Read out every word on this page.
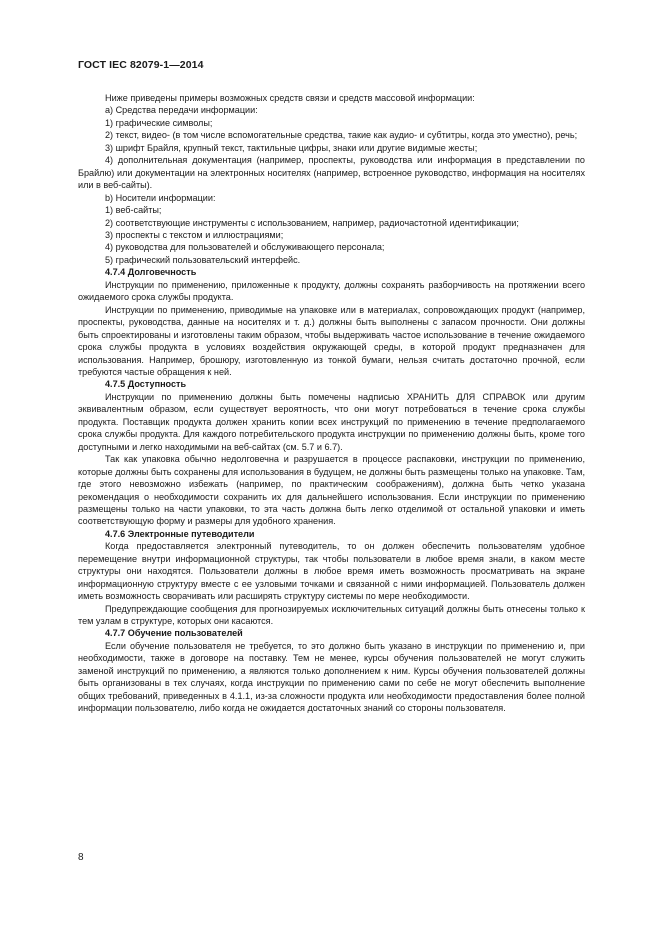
ГОСТ IEC 82079-1—2014

Ниже приведены примеры возможных средств связи и средств массовой информации:

a) Средства передачи информации:

1) графические символы;

2) текст, видео- (в том числе вспомогательные средства, такие как аудио- и субтитры, когда это уместно), речь;

3) шрифт Брайля, крупный текст, тактильные цифры, знаки или другие видимые жесты;

4) дополнительная документация (например, проспекты, руководства или информация в представлении по Брайлю) или документации на электронных носителях (например, встроенное руководство, информация на носителях или в веб-сайты).

b) Носители информации:

1) веб-сайты;

2) соответствующие инструменты с использованием, например, радиочастотной идентификации;

3) проспекты с текстом и иллюстрациями;

4) руководства для пользователей и обслуживающего персонала;

5) графический пользовательский интерфейс.

4.7.4 Долговечность

Инструкции по применению, приложенные к продукту, должны сохранять разборчивость на протяжении всего ожидаемого срока службы продукта.

Инструкции по применению, приводимые на упаковке или в материалах, сопровождающих продукт (например, проспекты, руководства, данные на носителях и т. д.) должны быть выполнены с запасом прочности. Они должны быть спроектированы и изготовлены таким образом, чтобы выдерживать частое использование в течение ожидаемого срока службы продукта в условиях воздействия окружающей среды, в которой продукт предназначен для использования. Например, брошюру, изготовленную из тонкой бумаги, нельзя считать достаточно прочной, если требуются частые обращения к ней.

4.7.5 Доступность

Инструкции по применению должны быть помечены надписью ХРАНИТЬ ДЛЯ СПРАВОК или другим эквивалентным образом, если существует вероятность, что они могут потребоваться в течение срока службы продукта. Поставщик продукта должен хранить копии всех инструкций по применению в течение предполагаемого срока службы продукта. Для каждого потребительского продукта инструкции по применению должны быть, кроме того доступными и легко находимыми на веб-сайтах (см. 5.7 и 6.7).

Так как упаковка обычно недолговечна и разрушается в процессе распаковки, инструкции по применению, которые должны быть сохранены для использования в будущем, не должны быть размещены только на упаковке. Там, где этого невозможно избежать (например, по практическим соображениям), должна быть четко указана рекомендация о необходимости сохранить их для дальнейшего использования. Если инструкции по применению размещены только на части упаковки, то эта часть должна быть легко отделимой от остальной упаковки и иметь соответствующую форму и размеры для удобного хранения.

4.7.6 Электронные путеводители

Когда предоставляется электронный путеводитель, то он должен обеспечить пользователям удобное перемещение внутри информационной структуры, так чтобы пользователи в любое время знали, в каком месте структуры они находятся. Пользователи должны в любое время иметь возможность просматривать на экране информационную структуру вместе с ее узловыми точками и связанной с ними информацией. Пользователь должен иметь возможность сворачивать или расширять структуру системы по мере необходимости.

Предупреждающие сообщения для прогнозируемых исключительных ситуаций должны быть отнесены только к тем узлам в структуре, которых они касаются.

4.7.7 Обучение пользователей

Если обучение пользователя не требуется, то это должно быть указано в инструкции по применению и, при необходимости, также в договоре на поставку. Тем не менее, курсы обучения пользователей не могут служить заменой инструкций по применению, а являются только дополнением к ним. Курсы обучения пользователей должны быть организованы в тех случаях, когда инструкции по применению сами по себе не могут обеспечить выполнение общих требований, приведенных в 4.1.1, из-за сложности продукта или необходимости предоставления более полной информации пользователю, либо когда не ожидается достаточных знаний со стороны пользователя.

8
